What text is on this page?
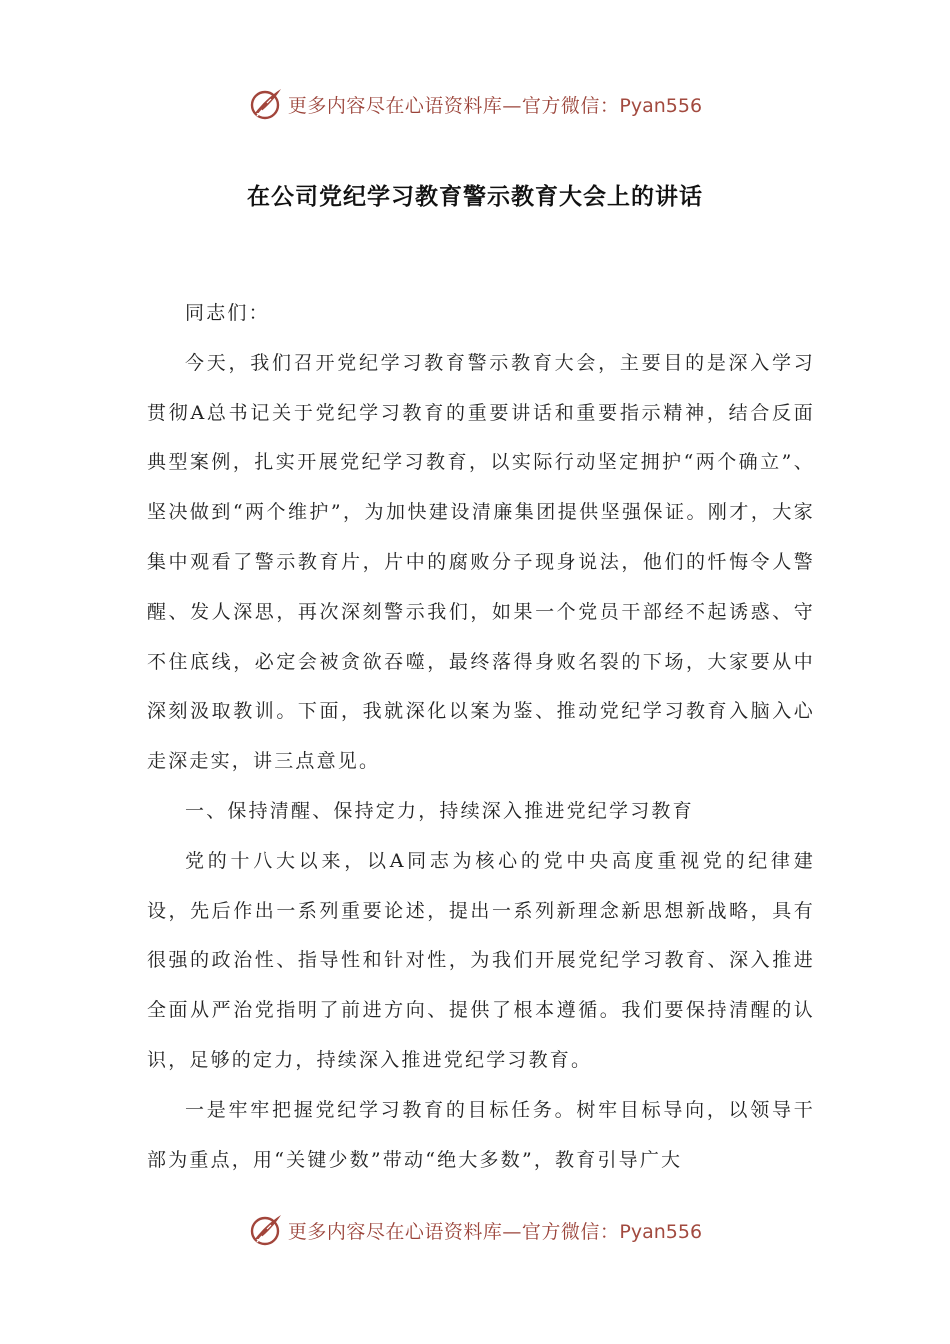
更多内容尽在心语资料库—官方微信：Pyan556
在公司党纪学习教育警示教育大会上的讲话

同志们：

今天，我们召开党纪学习教育警示教育大会，主要目的是深入学习贯彻A总书记关于党纪学习教育的重要讲话和重要指示精神，结合反面典型案例，扎实开展党纪学习教育，以实际行动坚定拥护“两个确立”、坚决做到“两个维护”，为加快建设清廉集团提供坚强保证。刚才，大家集中观看了警示教育片，片中的腐败分子现身说法，他们的忏悔令人警醒、发人深思，再次深刻警示我们，如果一个党员干部经不起诱惑、守不住底线，必定会被贪欲吞噬，最终落得身败名裂的下场，大家要从中深刻汲取教训。下面，我就深化以案为鉴、推动党纪学习教育入脑入心走深走实，讲三点意见。

一、保持清醒、保持定力，持续深入推进党纪学习教育

党的十八大以来，以A同志为核心的党中央高度重视党的纪律建设，先后作出一系列重要论述，提出一系列新理念新思想新战略，具有很强的政治性、指导性和针对性，为我们开展党纪学习教育、深入推进全面从严治党指明了前进方向、提供了根本遵循。我们要保持清醒的认识，足够的定力，持续深入推进党纪学习教育。

一是牢牢把握党纪学习教育的目标任务。树牢目标导向，以领导干部为重点，用“关键少数”带动“绝大多数”，教育引导广大

更多内容尽在心语资料库—官方微信：Pyan556
